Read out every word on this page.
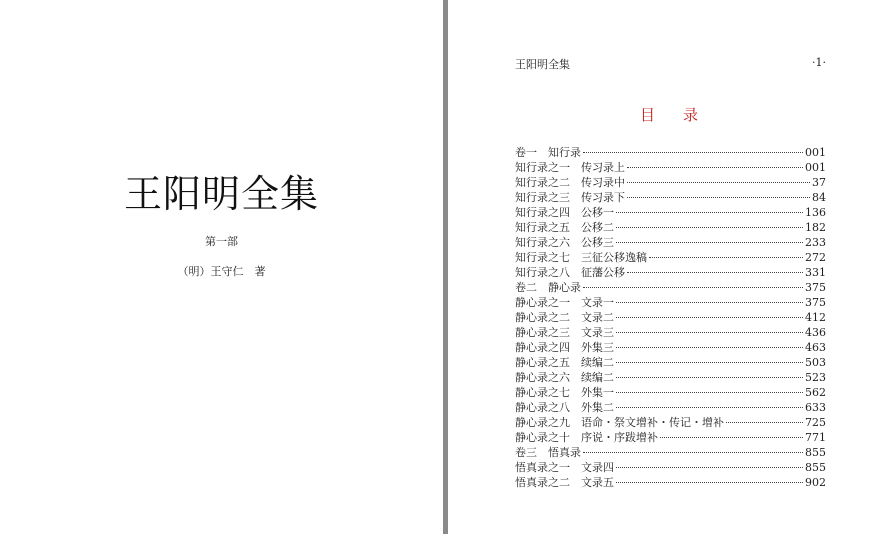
王阳明全集
第一部
（明）王守仁　著
王阳明全集	·1·
目录
卷一 知行录	001
知行录之一 传习录上	001
知行录之二 传习录中	37
知行录之三 传习录下	84
知行录之四 公移一	136
知行录之五 公移二	182
知行录之六 公移三	233
知行录之七 三征公移逸稿	272
知行录之八 征藩公移	331
卷二 静心录	375
静心录之一 文录一	375
静心录之二 文录二	412
静心录之三 文录三	436
静心录之四 外集三	463
静心录之五 续编二	503
静心录之六 续编二	523
静心录之七 外集一	562
静心录之八 外集二	633
静心录之九 语命・祭文增补・传记・增补	725
静心录之十 序说・序跋增补	771
卷三 悟真录	855
悟真录之一 文录四	855
悟真录之二 文录五	902
